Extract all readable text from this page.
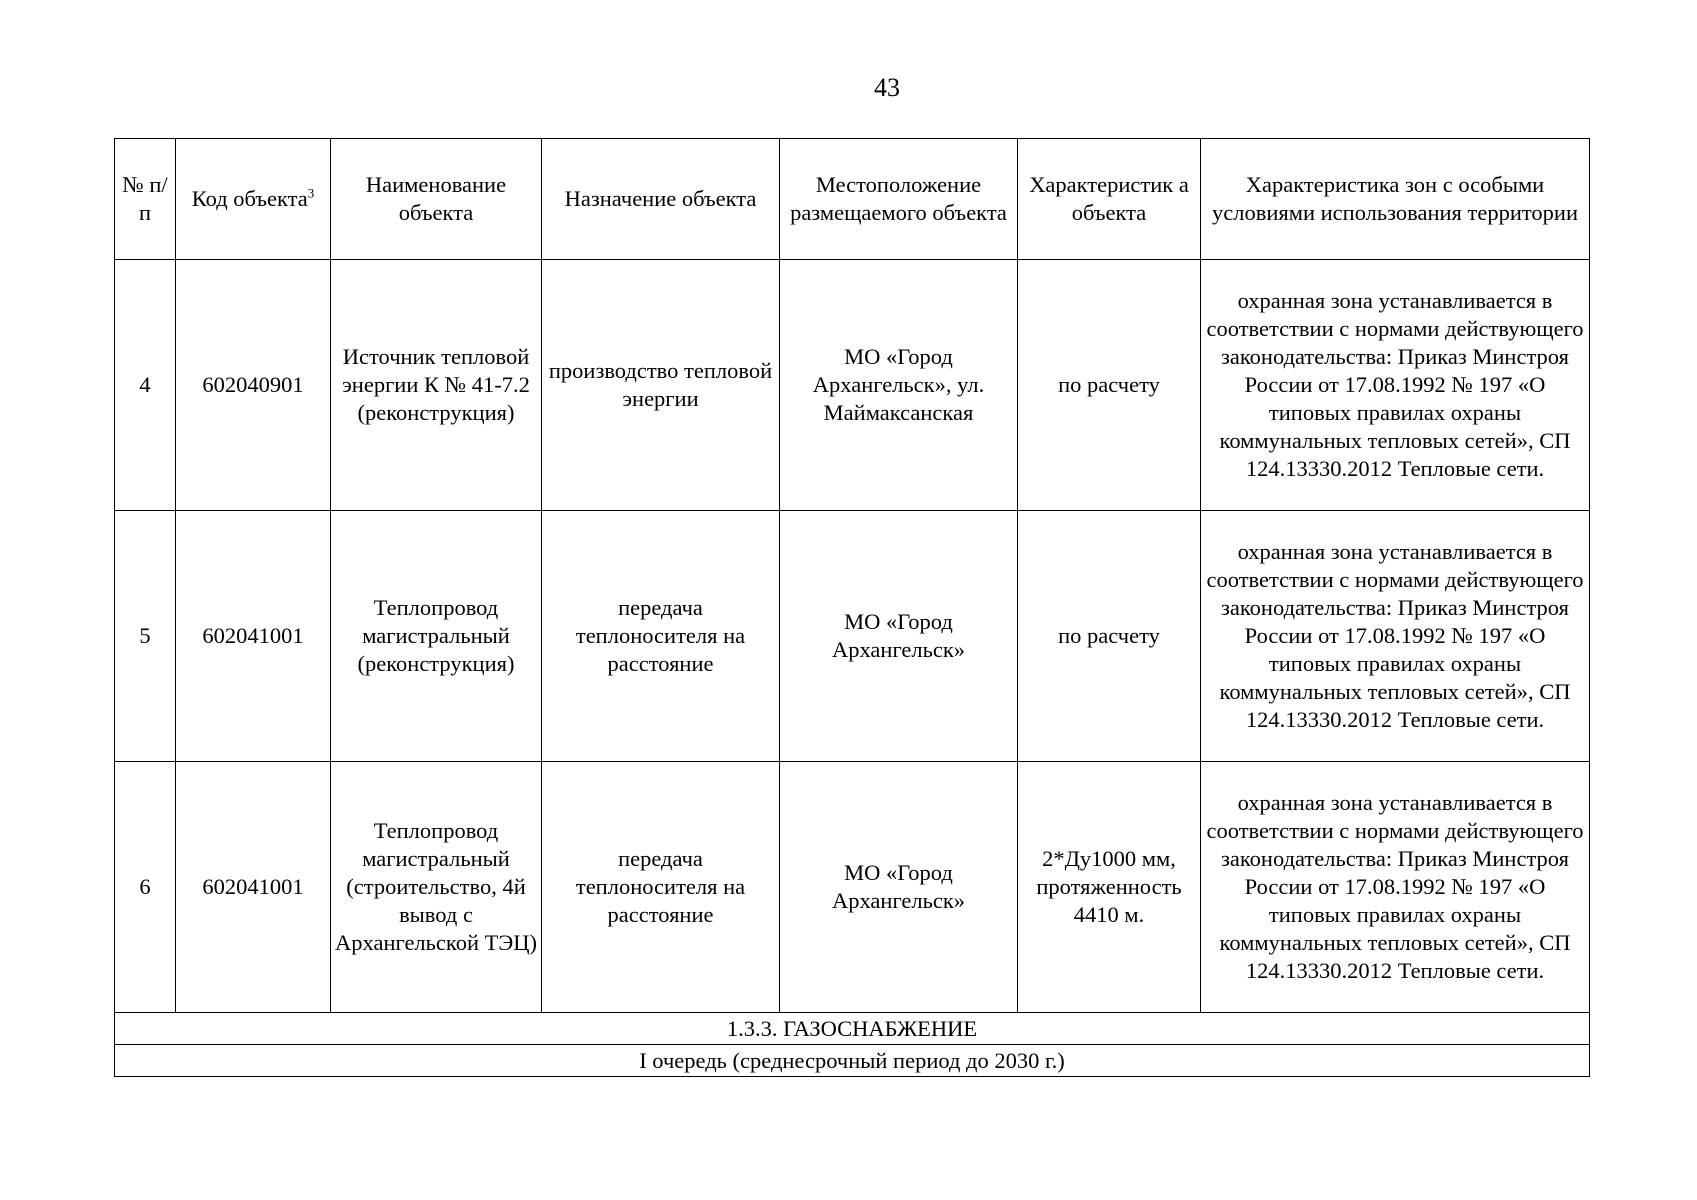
43
№ п/п	Код объекта$^3$	Наименование объекта	Назначение объекта	Местоположение размещаемого объекта	Характеристик а объекта	Характеристика зон с особыми условиями использования территории
4	602040901	Источник тепловой энергии К № 41-7.2 (реконструкция)	производство тепловой энергии	МО «Город Архангельск», ул. Маймаксанская	по расчету	охранная зона устанавливается в соответствии с нормами действующего законодательства: Приказ Минстроя России от 17.08.1992 № 197 «О типовых правилах охраны коммунальных тепловых сетей», СП 124.13330.2012 Тепловые сети.
5	602041001	Теплопровод магистральный (реконструкция)	передача теплоносителя на расстояние	МО «Город Архангельск»	по расчету	охранная зона устанавливается в соответствии с нормами действующего законодательства: Приказ Минстроя России от 17.08.1992 № 197 «О типовых правилах охраны коммунальных тепловых сетей», СП 124.13330.2012 Тепловые сети.
6	602041001	Теплопровод магистральный (строительство, 4й вывод с Архангельской ТЭЦ)	передача теплоносителя на расстояние	МО «Город Архангельск»	2*Ду1000 мм, протяженность 4410 м.	охранная зона устанавливается в соответствии с нормами действующего законодательства: Приказ Минстроя России от 17.08.1992 № 197 «О типовых правилах охраны коммунальных тепловых сетей», СП 124.13330.2012 Тепловые сети.
1.3.3. ГАЗОСНАБЖЕНИЕ						
I очередь (среднесрочный период до 2030 г.)						
